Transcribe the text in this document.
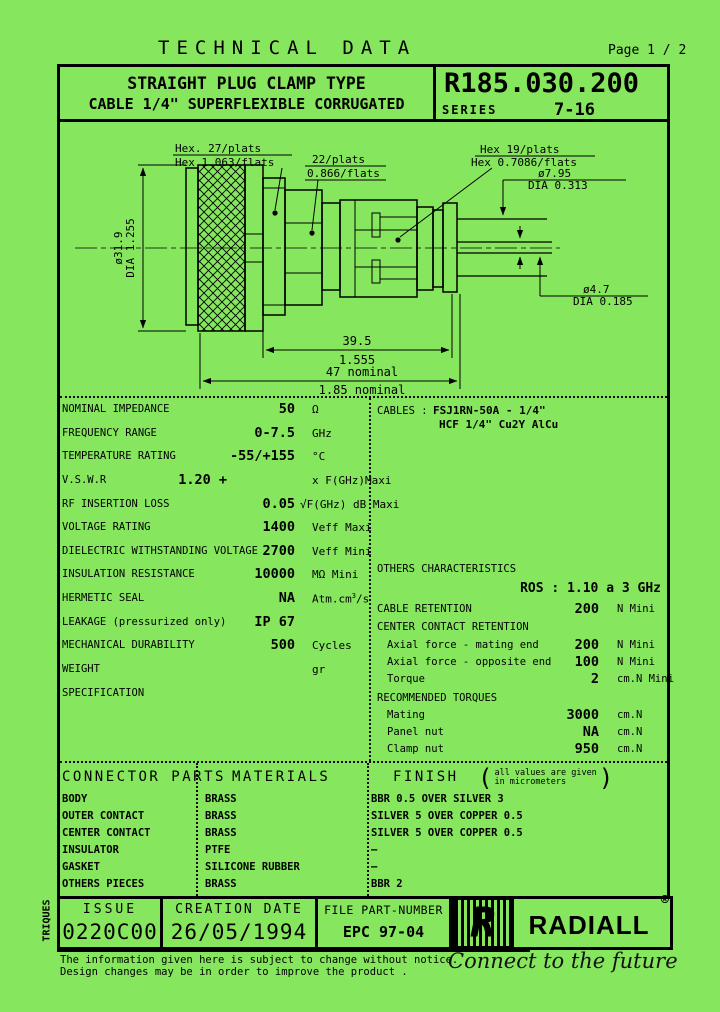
TECHNICAL DATA	Page 1 / 2
STRAIGHT PLUG CLAMP TYPE
CABLE 1/4" SUPERFLEXIBLE CORRUGATED
R185.030.200
SERIES	7-16
ø31.9 DIA 1.255
Hex. 27/plats
Hex 1.063/flats	22/plats
0.866/flats
Hex 19/plats
Hex 0.7086/flats
ø7.95
DIA 0.313
ø4.7
DIA 0.185
39.5
1.555
47 nominal
1.85 nominal
NOMINAL IMPEDANCE	50 Ω
FREQUENCY RANGE	0-7.5 GHz
TEMPERATURE RATING	-55/+155 °C
V.S.W.R	1.20 +	x F(GHz)Maxi
RF INSERTION LOSS	0.05 √F(GHz) dB Maxi
VOLTAGE RATING	1400 Veff Maxi
DIELECTRIC WITHSTANDING VOLTAGE 2700 Veff Mini
INSULATION RESISTANCE	10000 MΩ Mini
HERMETIC SEAL	NA $Atm.cm^3/s$
LEAKAGE (pressurized only)	IP 67
MECHANICAL DURABILITY	500 Cycles
WEIGHT	gr
SPECIFICATION
CABLES : FSJ1RN-50A - 1/4"
HCF 1/4" Cu2Y AlCu
OTHERS CHARACTERISTICS
ROS : 1.10 a 3 GHz
CABLE RETENTION	200 N Mini
CENTER CONTACT RETENTION
Axial force - mating end	200 N Mini
Axial force - opposite end	100 N Mini
Torque	2 cm.N Mini
RECOMMENDED TORQUES
Mating	3000 cm.N
Panel nut	NA cm.N
Clamp nut	950 cm.N
CONNECTOR PARTS MATERIALS	FINISH ( all values are given
in micrometers	)
BODY	BRASS	BBR 0.5 OVER SILVER 3
OUTER CONTACT	BRASS	SILVER 5 OVER COPPER 0.5
CENTER CONTACT	BRASS	SILVER 5 OVER COPPER 0.5
INSULATOR	PTFE	–
GASKET	SILICONE RUBBER	–
OTHERS PIECES	BRASS	BBR 2
TRIQUES	ISSUE
0220C00
CREATION DATE
26/05/1994
FILE PART-NUMBER
EPC 97-04	R	RADIALL
®
The information given here is subject to change without notice.
Design changes may be in order to improve the product .	Connect to the future
